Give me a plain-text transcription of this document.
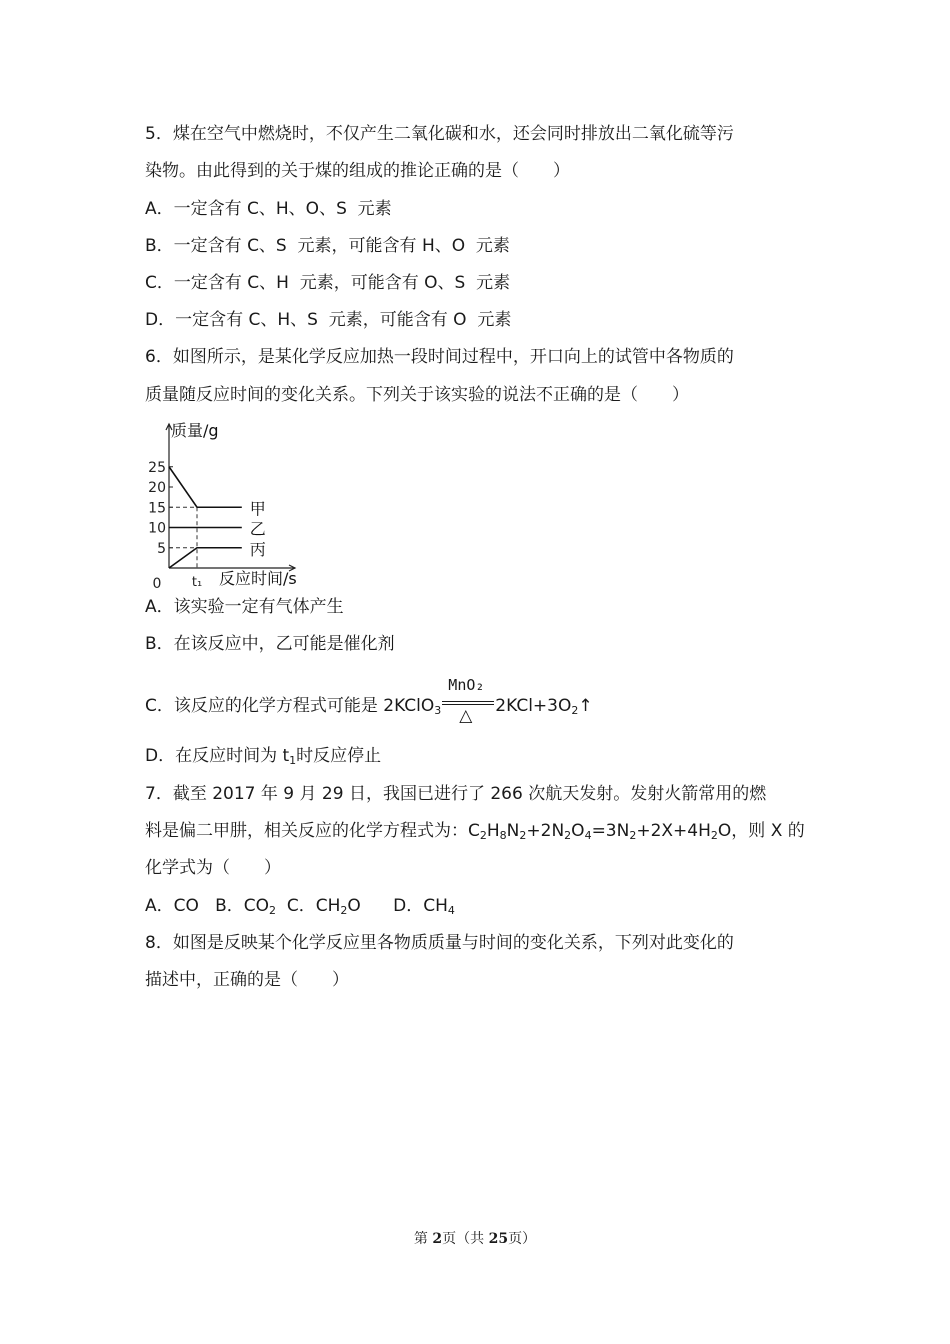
5．煤在空气中燃烧时，不仅产生二氧化碳和水，还会同时排放出二氧化硫等污
染物。由此得到的关于煤的组成的推论正确的是（　　）
A．一定含有 C、H、O、S  元素
B．一定含有 C、S  元素，可能含有 H、O  元素
C．一定含有 C、H  元素，可能含有 O、S  元素
D．一定含有 C、H、S  元素，可能含有 O  元素
6．如图所示，是某化学反应加热一段时间过程中，开口向上的试管中各物质的
质量随反应时间的变化关系。下列关于该实验的说法不正确的是（　　）
5
10
15
20
25
0 t₁
甲
乙
丙
质量/g
反应时间/s
A．该实验一定有气体产生
B．在该反应中，乙可能是催化剂
C．该反应的化学方程式可能是 2KClO$_3$
MnO₂
△ $2KCl+3O_2↑$
D．在反应时间为 $t_1$时反应停止
7．截至 2017 年 9 月 29 日，我国已进行了 266 次航天发射。发射火箭常用的燃
料是偏二甲肼，相关反应的化学方程式为：$C_2H_8N_2+2N_2O_4=3N_2+2X+4H_2O$，则 X 的
化学式为（　　）
A．CO   B．$CO_2$  C．$CH_2O$      D．$CH_4$
8．如图是反映某个化学反应里各物质质量与时间的变化关系，下列对此变化的
描述中，正确的是（　　）
第 2页（共 25页）
